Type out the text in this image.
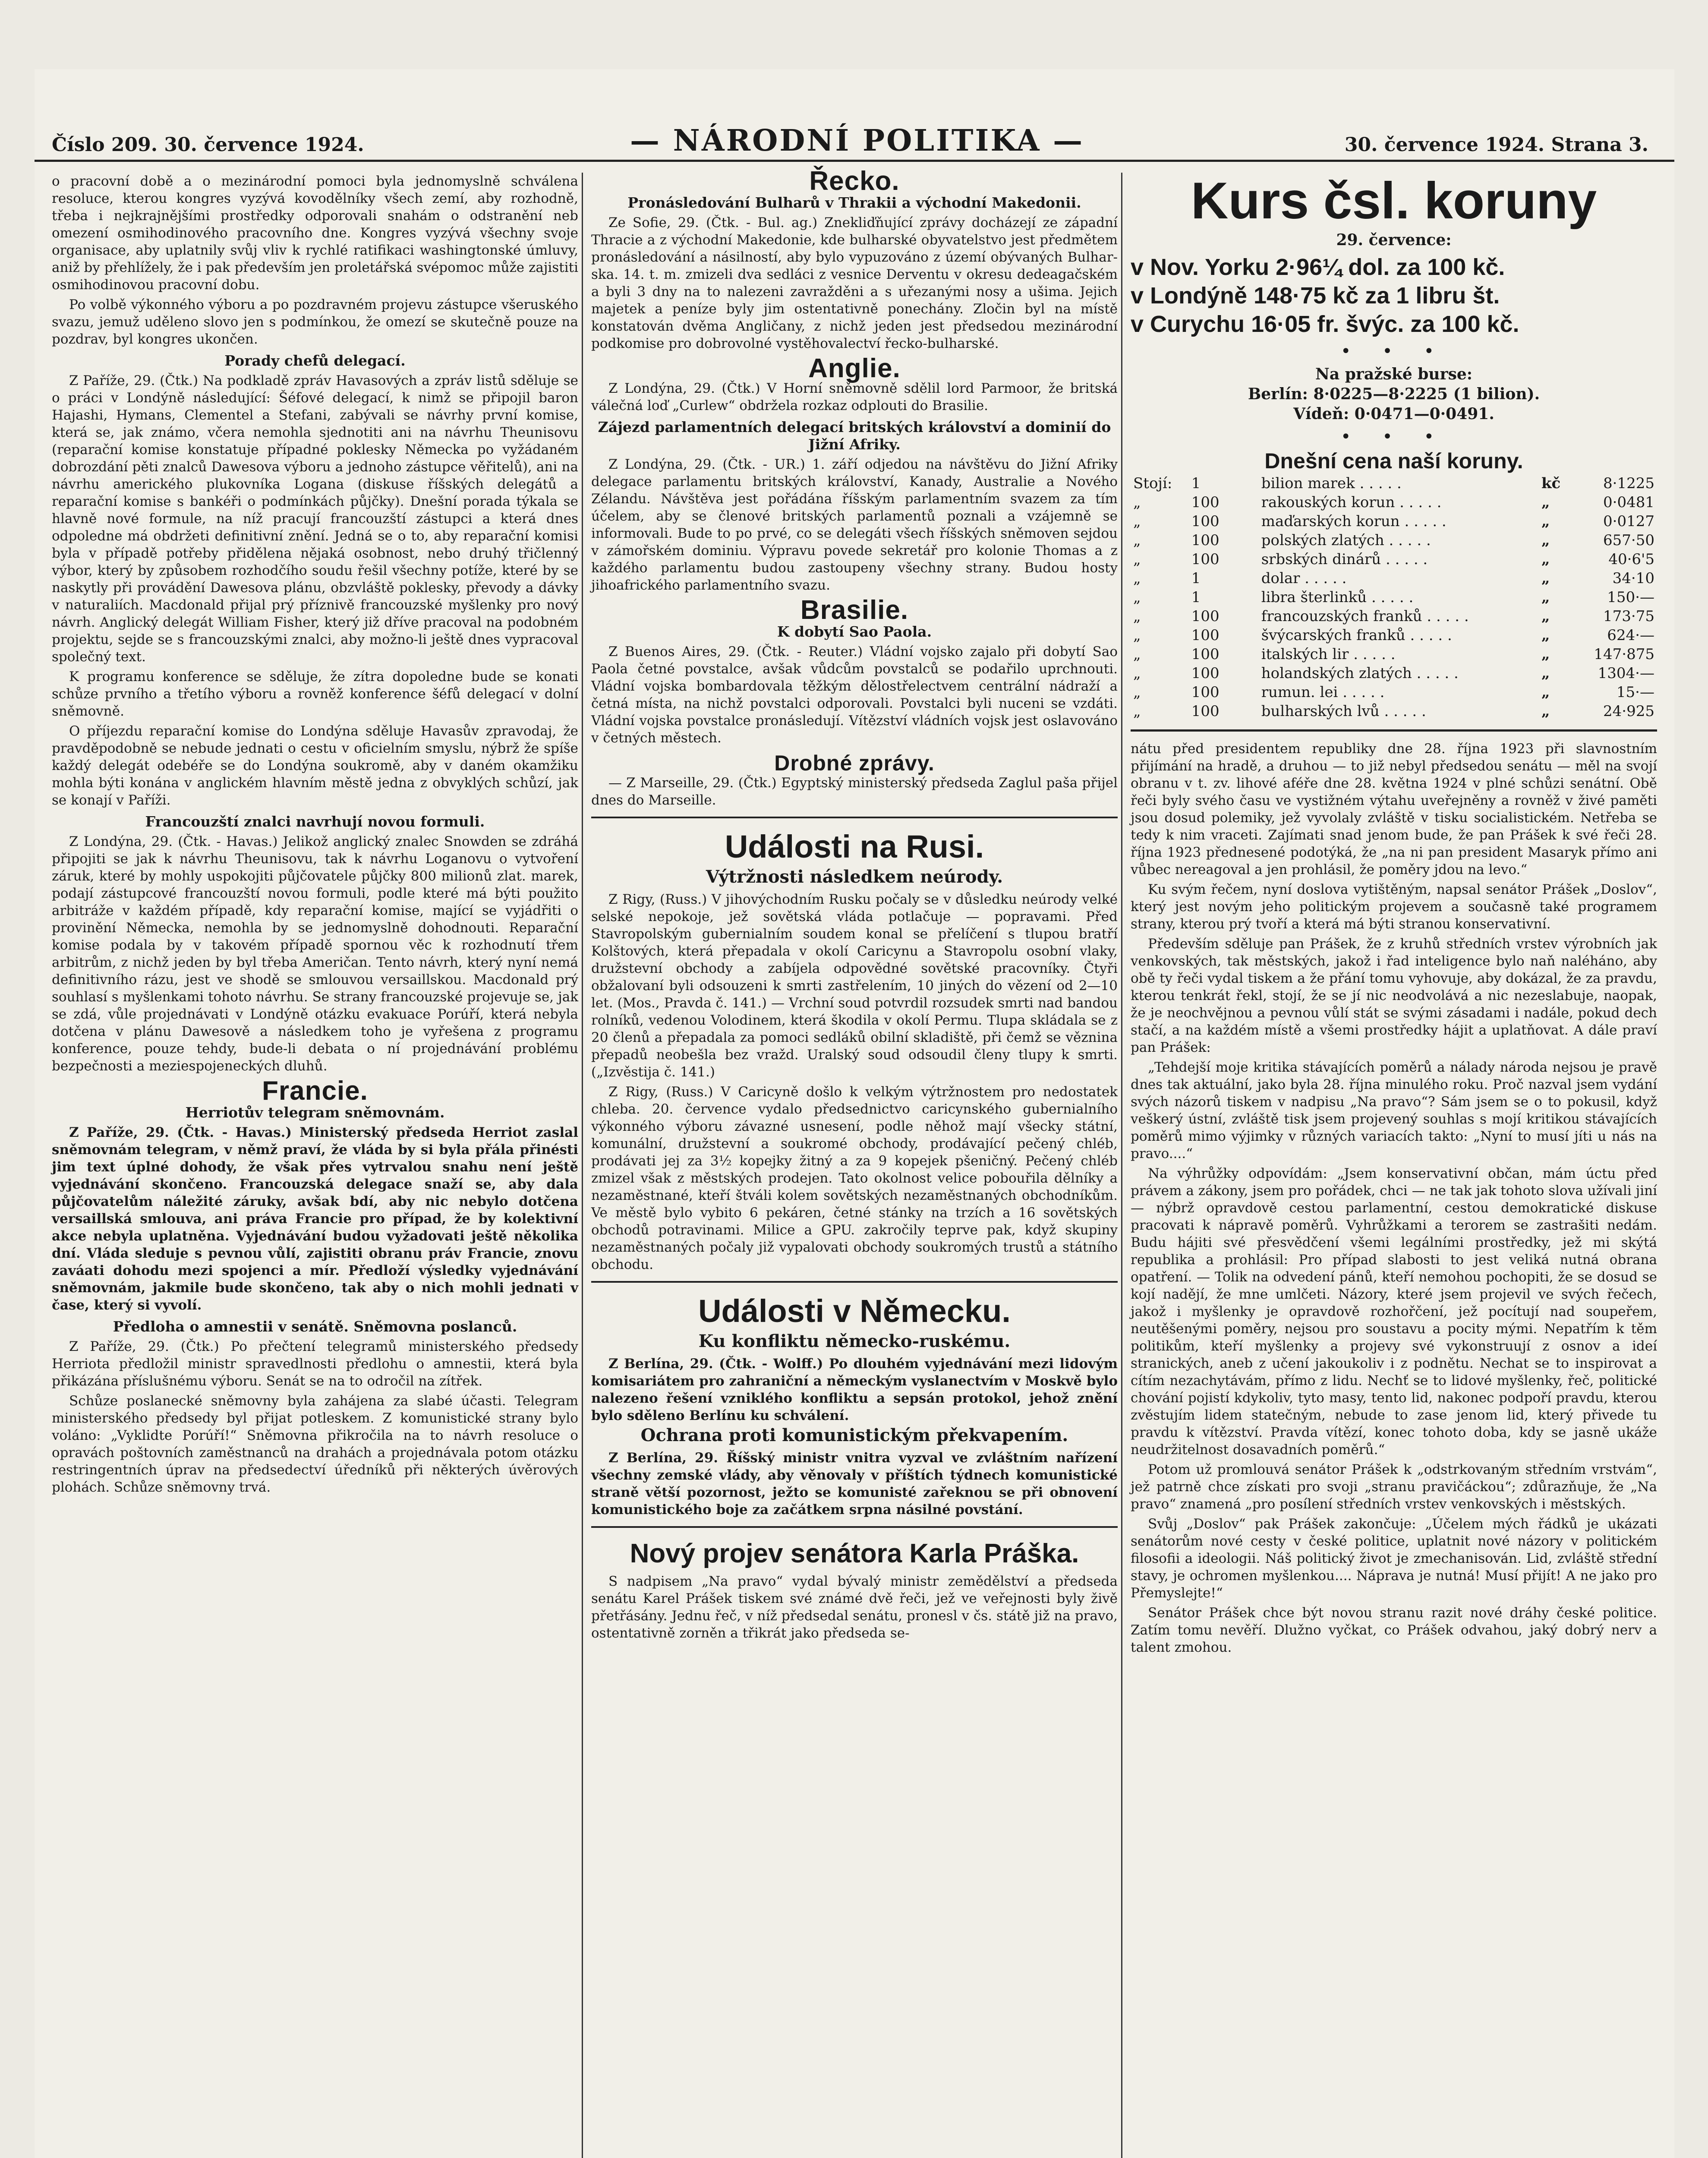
Číslo 209. 30. července 1924.	— NÁRODNÍ POLITIKA —	30. července 1924. Strana 3.

o pracovní době a o mezinárodní pomoci byla jednomyslně schválena resoluce, kterou kongres vyzývá kovodělníky všech zemí, aby rozhodně, třeba i nejkrajnějšími prostředky odporovali snahám o odstranění neb omezení osmihodinového pracovního dne. Kongres vyzývá všechny svoje organisace, aby uplatnily svůj vliv k rychlé ratifikaci washingtonské úmluvy, aniž by přehlížely, že i pak především jen proletářská svépomoc může zajistiti osmihodinovou pracovní dobu.

Po volbě výkonného výboru a po pozdravném projevu zástupce všeruského svazu, jemuž uděleno slovo jen s podmínkou, že omezí se skutečně pouze na pozdrav, byl kongres ukončen.

Porady chefů delegací.

Z Paříže, 29. (Čtk.) Na podkladě zpráv Havasových a zpráv listů sděluje se o práci v Londýně následující: Šéfové delegací, k nimž se připojil baron Hajashi, Hymans, Clementel a Stefani, zabývali se návrhy první komise, která se, jak známo, včera nemohla sjednotiti ani na návrhu Theunisovu (reparační komise konstatuje případné poklesky Německa po vyžádaném dobrozdání pěti znalců Dawesova výboru a jednoho zástupce věřitelů), ani na návrhu amerického plukovníka Logana (diskuse říšských delegátů a reparační komise s bankéři o podmínkách půjčky). Dnešní porada týkala se hlavně nové formule, na níž pracují francouzští zástupci a která dnes odpoledne má obdržeti definitivní znění. Jedná se o to, aby reparační komisi byla v případě potřeby přidělena nějaká osobnost, nebo druhý třičlenný výbor, který by způsobem rozhodčího soudu řešil všechny potíže, které by se naskytly při provádění Dawesova plánu, obzvláště poklesky, převody a dávky v naturaliích. Macdonald přijal prý příznivě francouzské myšlenky pro nový návrh. Anglický delegát William Fisher, který již dříve pracoval na podobném projektu, sejde se s francouzskými znalci, aby možno-li ještě dnes vypracoval společný text.

K programu konference se sděluje, že zítra dopoledne bude se konati schůze prvního a třetího výboru a rovněž konference šéfů delegací v dolní sněmovně.

O příjezdu reparační komise do Londýna sděluje Havasův zpravodaj, že pravděpodobně se nebude jednati o cestu v oficielním smyslu, nýbrž že spíše každý delegát odebéře se do Londýna soukromě, aby v daném okamžiku mohla býti konána v anglickém hlavním městě jedna z obvyklých schůzí, jak se konají v Paříži.

Francouzští znalci navrhují novou formuli.

Z Londýna, 29. (Čtk. - Havas.) Jelikož anglický znalec Snowden se zdráhá připojiti se jak k návrhu Theunisovu, tak k návrhu Loganovu o vytvoření záruk, které by mohly uspokojiti půjčovatele půjčky 800 milionů zlat. marek, podají zástupcové francouzští novou formuli, podle které má býti použito arbitráže v každém případě, kdy reparační komise, mající se vyjádřiti o provinění Německa, nemohla by se jednomyslně dohodnouti. Reparační komise podala by v takovém případě spornou věc k rozhodnutí třem arbitrům, z nichž jeden by byl třeba Američan. Tento návrh, který nyní nemá definitivního rázu, jest ve shodě se smlouvou versaillskou. Macdonald prý souhlasí s myšlenkami tohoto návrhu. Se strany francouzské projevuje se, jak se zdá, vůle projednávati v Londýně otázku evakuace Porúří, která nebyla dotčena v plánu Dawesově a následkem toho je vyřešena z programu konference, pouze tehdy, bude-li debata o ní projednávání problému bezpečnosti a meziespojeneckých dluhů.

Francie.
Herriotův telegram sněmovnám.

Z Paříže, 29. (Čtk. - Havas.) Ministerský předseda Herriot zaslal sněmovnám telegram, v němž praví, že vláda by si byla přála přinésti jim text úplné dohody, že však přes vytrvalou snahu není ještě vyjednávání skončeno. Francouzská delegace snaží se, aby dala půjčovatelům náležité záruky, avšak bdí, aby nic nebylo dotčena versaillská smlouva, ani práva Francie pro případ, že by kolektivní akce nebyla uplatněna. Vyjednávání budou vyžadovati ještě několika dní. Vláda sleduje s pevnou vůlí, zajistiti obranu práv Francie, znovu zaváati dohodu mezi spojenci a mír. Předloží výsledky vyjednávání sněmovnám, jakmile bude skončeno, tak aby o nich mohli jednati v čase, který si vyvolí.

Předloha o amnestii v senátě. Sněmovna poslanců.

Z Paříže, 29. (Čtk.) Po přečtení telegramů ministerského předsedy Herriota předložil ministr spravedlnosti předlohu o amnestii, která byla přikázána příslušnému výboru. Senát se na to odročil na zítřek.

Schůze poslanecké sněmovny byla zahájena za slabé účasti. Telegram ministerského předsedy byl přijat potleskem. Z komunistické strany bylo voláno: „Vyklidte Porúří!“ Sněmovna přikročila na to návrh resoluce o opravách poštovních zaměstnanců na drahách a projednávala potom otázku restringentních úprav na předsedectví úředníků při některých úvěrových plohách. Schůze sněmovny trvá.

Řecko.
Pronásledování Bulharů v Thrakii a východní Makedonii.

Ze Sofie, 29. (Čtk. - Bul. ag.) Znekliďňující zprávy docházejí ze západní Thracie a z východní Makedonie, kde bulharské obyvatelstvo jest předmětem pronásledování a násilností, aby bylo vypuzováno z území obývaných Bulhar-ska. 14. t. m. zmizeli dva sedláci z vesnice Derventu v okresu dedeagačském a byli 3 dny na to nalezeni zavražděni a s uřezanými nosy a ušima. Jejich majetek a peníze byly jim ostentativně ponechány. Zločin byl na místě konstatován dvěma Angličany, z nichž jeden jest předsedou mezinárodní podkomise pro dobrovolné vystěhovalectví řecko-bulharské.

Anglie.

Z Londýna, 29. (Čtk.) V Horní sněmovně sdělil lord Parmoor, že britská válečná loď „Curlew“ obdržela rozkaz odplouti do Brasilie.

Zájezd parlamentních delegací britských království a dominií do Jižní Afriky.

Z Londýna, 29. (Čtk. - UR.) 1. září odjedou na návštěvu do Jižní Afriky delegace parlamentu britských království, Kanady, Australie a Nového Zélandu. Návštěva jest pořádána říšským parlamentním svazem za tím účelem, aby se členové britských parlamentů poznali a vzájemně se informovali. Bude to po prvé, co se delegáti všech říšských sněmoven sejdou v zámořském dominiu. Výpravu povede sekretář pro kolonie Thomas a z každého parlamentu budou zastoupeny všechny strany. Budou hosty jihoafrického parlamentního svazu.

Brasilie.
K dobytí Sao Paola.

Z Buenos Aires, 29. (Čtk. - Reuter.) Vládní vojsko zajalo při dobytí Sao Paola četné povstalce, avšak vůdcům povstalců se podařilo uprchnouti. Vládní vojska bombardovala těžkým dělostřelectvem centrální nádraží a četná místa, na nichž povstalci odporovali. Povstalci byli nuceni se vzdáti. Vládní vojska povstalce pronásledují. Vítězství vládních vojsk jest oslavováno v četných městech.

Drobné zprávy.

— Z Marseille, 29. (Čtk.) Egyptský ministerský předseda Zaglul paša přijel dnes do Marseille.

Události na Rusi.
Výtržnosti následkem neúrody.

Z Rigy, (Russ.) V jihovýchodním Rusku počaly se v důsledku neúrody velké selské nepokoje, jež sovětská vláda potlačuje — popravami. Před Stavropolským gubernialním soudem konal se přelíčení s tlupou bratří Kolštových, která přepadala v okolí Caricynu a Stavropolu osobní vlaky, družstevní obchody a zabíjela odpovědné sovětské pracovníky. Čtyři obžalovaní byli odsouzeni k smrti zastřelením, 10 jiných do vězení od 2—10 let. (Mos., Pravda č. 141.) — Vrchní soud potvrdil rozsudek smrti nad bandou rolníků, vedenou Volodinem, která škodila v okolí Permu. Tlupa skládala se z 20 členů a přepadala za pomoci sedláků obilní skladiště, při čemž se věznina přepadů neobešla bez vražd. Uralský soud odsoudil členy tlupy k smrti. („Izvěstija č. 141.)

Z Rigy, (Russ.) V Caricyně došlo k velkým výtržnostem pro nedostatek chleba. 20. července vydalo předsednictvo caricynského gubernialního výkonného výboru závazné usnesení, podle něhož mají všecky státní, komunální, družstevní a soukromé obchody, prodávající pečený chléb, prodávati jej za 3½ kopejky žitný a za 9 kopejek pšeničný. Pečený chléb zmizel však z městských prodejen. Tato okolnost velice pobouřila dělníky a nezaměstnané, kteří štváli kolem sovětských nezaměstnaných obchodníkům. Ve městě bylo vybito 6 pekáren, četné stánky na trzích a 16 sovětských obchodů potravinami. Milice a GPU. zakročily teprve pak, když skupiny nezaměstnaných počaly již vypalovati obchody soukromých trustů a státního obchodu.

Události v Německu.
Ku konfliktu německo-ruskému.

Z Berlína, 29. (Čtk. - Wolff.) Po dlouhém vyjednávání mezi lidovým komisariátem pro zahraniční a německým vyslanectvím v Moskvě bylo nalezeno řešení vzniklého konfliktu a sepsán protokol, jehož znění bylo sděleno Berlínu ku schválení.

Ochrana proti komunistickým překvapením.

Z Berlína, 29. Říšský ministr vnitra vyzval ve zvláštním nařízení všechny zemské vlády, aby věnovaly v příštích týdnech komunistické straně větší pozornost, ježto se komunisté zařeknou se při obnovení komunistického boje za začátkem srpna násilné povstání.

Nový projev senátora Karla Práška.

S nadpisem „Na pravo“ vydal bývalý ministr zemědělství a předseda senátu Karel Prášek tiskem své známé dvě řeči, jež ve veřejnosti byly živě přetřásány. Jednu řeč, v níž předsedal senátu, pronesl v čs. státě již na pravo, ostentativně zorněn a třikrát jako předseda se-

Kurs čsl. koruny
29. července:
v Nov. Yorku 2·96¼ dol. za 100 kč.
v Londýně 148·75 kč za 1 libru št.
v Curychu 16·05 fr. švýc. za 100 kč.
• • •
Na pražské burse:
Berlín: 8·0225—8·2225 (1 bilion).
Vídeň: 0·0471—0·0491.
• • •
Dnešní cena naší koruny.
Stojí:	1	bilion marek . . . . .	kč	8·1225
„	100	rakouských korun . . . . .	„	0·0481
„	100	maďarských korun . . . . .	„	0·0127
„	100	polských zlatých . . . . .	„	657·50
„	100	srbských dinárů . . . . .	„	40·6'5
„	1	dolar . . . . .	„	34·10
„	1	libra šterlinků . . . . .	„	150·—
„	100	francouzských franků . . . . .	„	173·75
„	100	švýcarských franků . . . . .	„	624·—
„	100	italských lir . . . . .	„	147·875
„	100	holandských zlatých . . . . .	„	1304·—
„	100	rumun. lei . . . . .	„	15·—
„	100	bulharských lvů . . . . .	„	24·925

nátu před presidentem republiky dne 28. října 1923 při slavnostním přijímání na hradě, a druhou — to již nebyl předsedou senátu — měl na svojí obranu v t. zv. lihové aféře dne 28. května 1924 v plné schůzi senátní. Obě řeči byly svého času ve vystižném výtahu uveřejněny a rovněž v živé paměti jsou dosud polemiky, jež vyvolaly zvláště v tisku socialistickém. Netřeba se tedy k nim vraceti. Zajímati snad jenom bude, že pan Prášek k své řeči 28. října 1923 přednesené podotýká, že „na ni pan president Masaryk přímo ani vůbec nereagoval a jen prohlásil, že poměry jdou na levo.“

Ku svým řečem, nyní doslova vytištěným, napsal senátor Prášek „Doslov“, který jest novým jeho politickým projevem a současně také programem strany, kterou prý tvoří a která má býti stranou konservativní.

Především sděluje pan Prášek, že z kruhů středních vrstev výrobních jak venkovských, tak městských, jakož i řad inteligence bylo naň naléháno, aby obě ty řeči vydal tiskem a že přání tomu vyhovuje, aby dokázal, že za pravdu, kterou tenkrát řekl, stojí, že se jí nic neodvolává a nic nezeslabuje, naopak, že je neochvějnou a pevnou vůlí stát se svými zásadami i nadále, pokud dech stačí, a na každém místě a všemi prostředky hájit a uplatňovat. A dále praví pan Prášek:

„Tehdejší moje kritika stávajících poměrů a nálady národa nejsou je pravě dnes tak aktuální, jako byla 28. října minulého roku. Proč nazval jsem vydání svých názorů tiskem v nadpisu „Na pravo“? Sám jsem se o to pokusil, když veškerý ústní, zvláště tisk jsem projevený souhlas s mojí kritikou stávajících poměrů mimo výjimky v různých variacích takto: „Nyní to musí jíti u nás na pravo....“

Na výhrůžky odpovídám: „Jsem konservativní občan, mám úctu před právem a zákony, jsem pro pořádek, chci — ne tak jak tohoto slova užívali jiní — nýbrž opravdově cestou parlamentní, cestou demokratické diskuse pracovati k nápravě poměrů. Vyhrůžkami a terorem se zastrašiti nedám. Budu hájiti své přesvědčení všemi legálními prostředky, jež mi skýtá republika a prohlásil: Pro případ slabosti to jest veliká nutná obrana opatření. — Tolik na odvedení pánů, kteří nemohou pochopiti, že se dosud se kojí nadějí, že mne umlčeti. Názory, které jsem projevil ve svých řečech, jakož i myšlenky je opravdově rozhořčení, jež pocítují nad soupeřem, neutěšenými poměry, nejsou pro soustavu a pocity mými. Nepatřím k těm politikům, kteří myšlenky a projevy své vykonstruují z osnov a ideí stranických, aneb z učení jakoukoliv i z podnětu. Nechat se to inspirovat a cítím nezachytávám, přímo z lidu. Nechť se to lidové myšlenky, řeč, politické chování pojistí kdykoliv, tyto masy, tento lid, nakonec podpoří pravdu, kterou zvěstujím lidem statečným, nebude to zase jenom lid, který přivede tu pravdu k vítězství. Pravda vítězí, konec tohoto doba, kdy se jasně ukáže neudržitelnost dosavadních poměrů.“

Potom už promlouvá senátor Prášek k „odstrkovaným středním vrstvám“, jež patrně chce získati pro svoji „stranu pravičáckou“; zdůrazňuje, že „Na pravo“ znamená „pro posílení středních vrstev venkovských i městských.

Svůj „Doslov“ pak Prášek zakončuje: „Účelem mých řádků je ukázati senátorům nové cesty v české politice, uplatnit nové názory v politickém filosofii a ideologii. Náš politický život je zmechanisován. Lid, zvláště střední stavy, je ochromen myšlenkou.... Náprava je nutná! Musí přijít! A ne jako pro Přemyslejte!“

Senátor Prášek chce být novou stranu razit nové dráhy české politice. Zatím tomu nevěří. Dlužno vyčkat, co Prášek odvahou, jaký dobrý nerv a talent zmohou.
